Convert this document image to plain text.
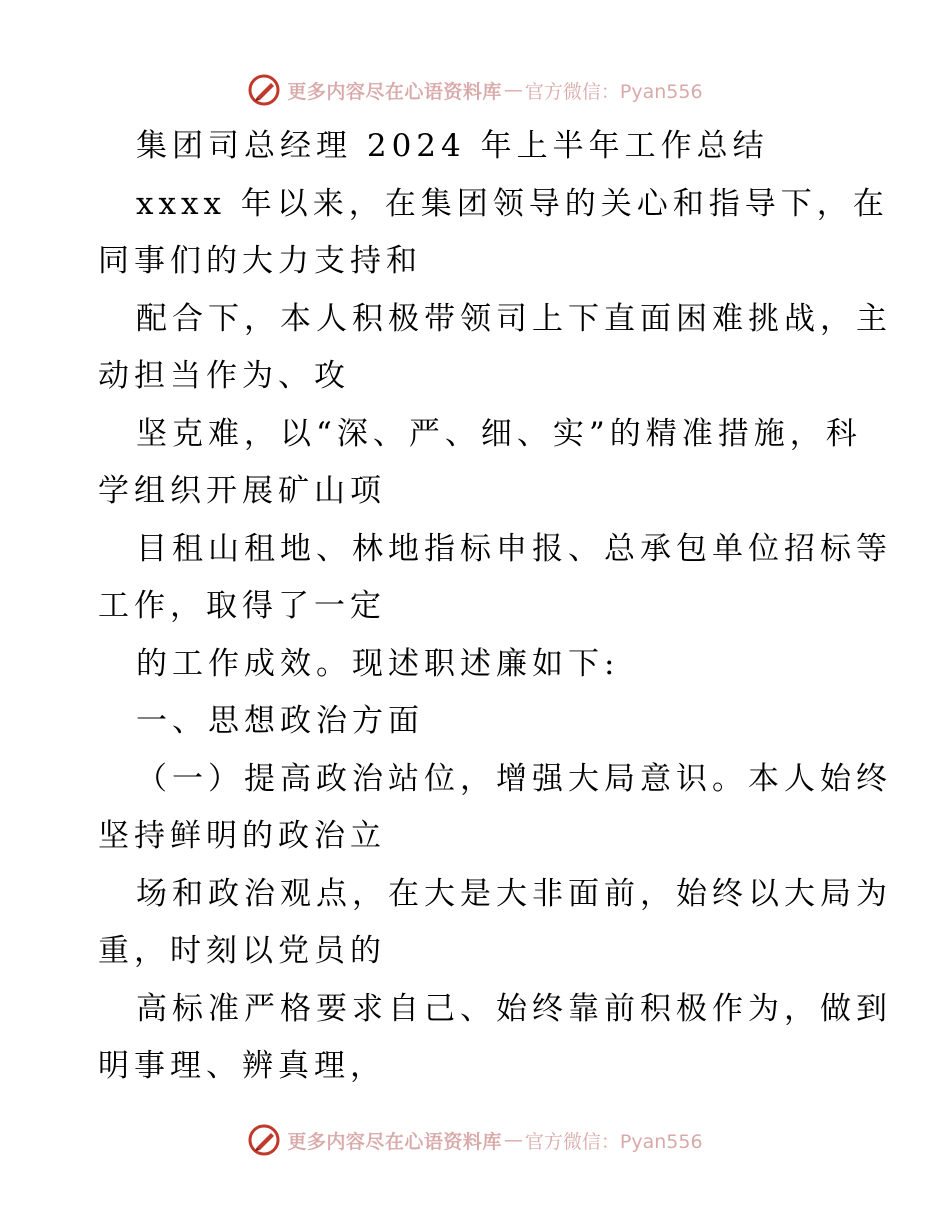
更多内容尽在心语资料库 — 官方微信：Pyan556
集团司总经理 2024 年上半年工作总结
xxxx 年以来，在集团领导的关心和指导下，在
同事们的大力支持和
配合下，本人积极带领司上下直面困难挑战，主
动担当作为、攻
坚克难，以“深、严、细、实”的精准措施，科
学组织开展矿山项
目租山租地、林地指标申报、总承包单位招标等
工作，取得了一定
的工作成效。现述职述廉如下:
一、思想政治方面
（一）提高政治站位，增强大局意识。本人始终
坚持鲜明的政治立
场和政治观点，在大是大非面前，始终以大局为
重，时刻以党员的
高标准严格要求自己、始终靠前积极作为，做到
明事理、辨真理，
更多内容尽在心语资料库 — 官方微信：Pyan556
